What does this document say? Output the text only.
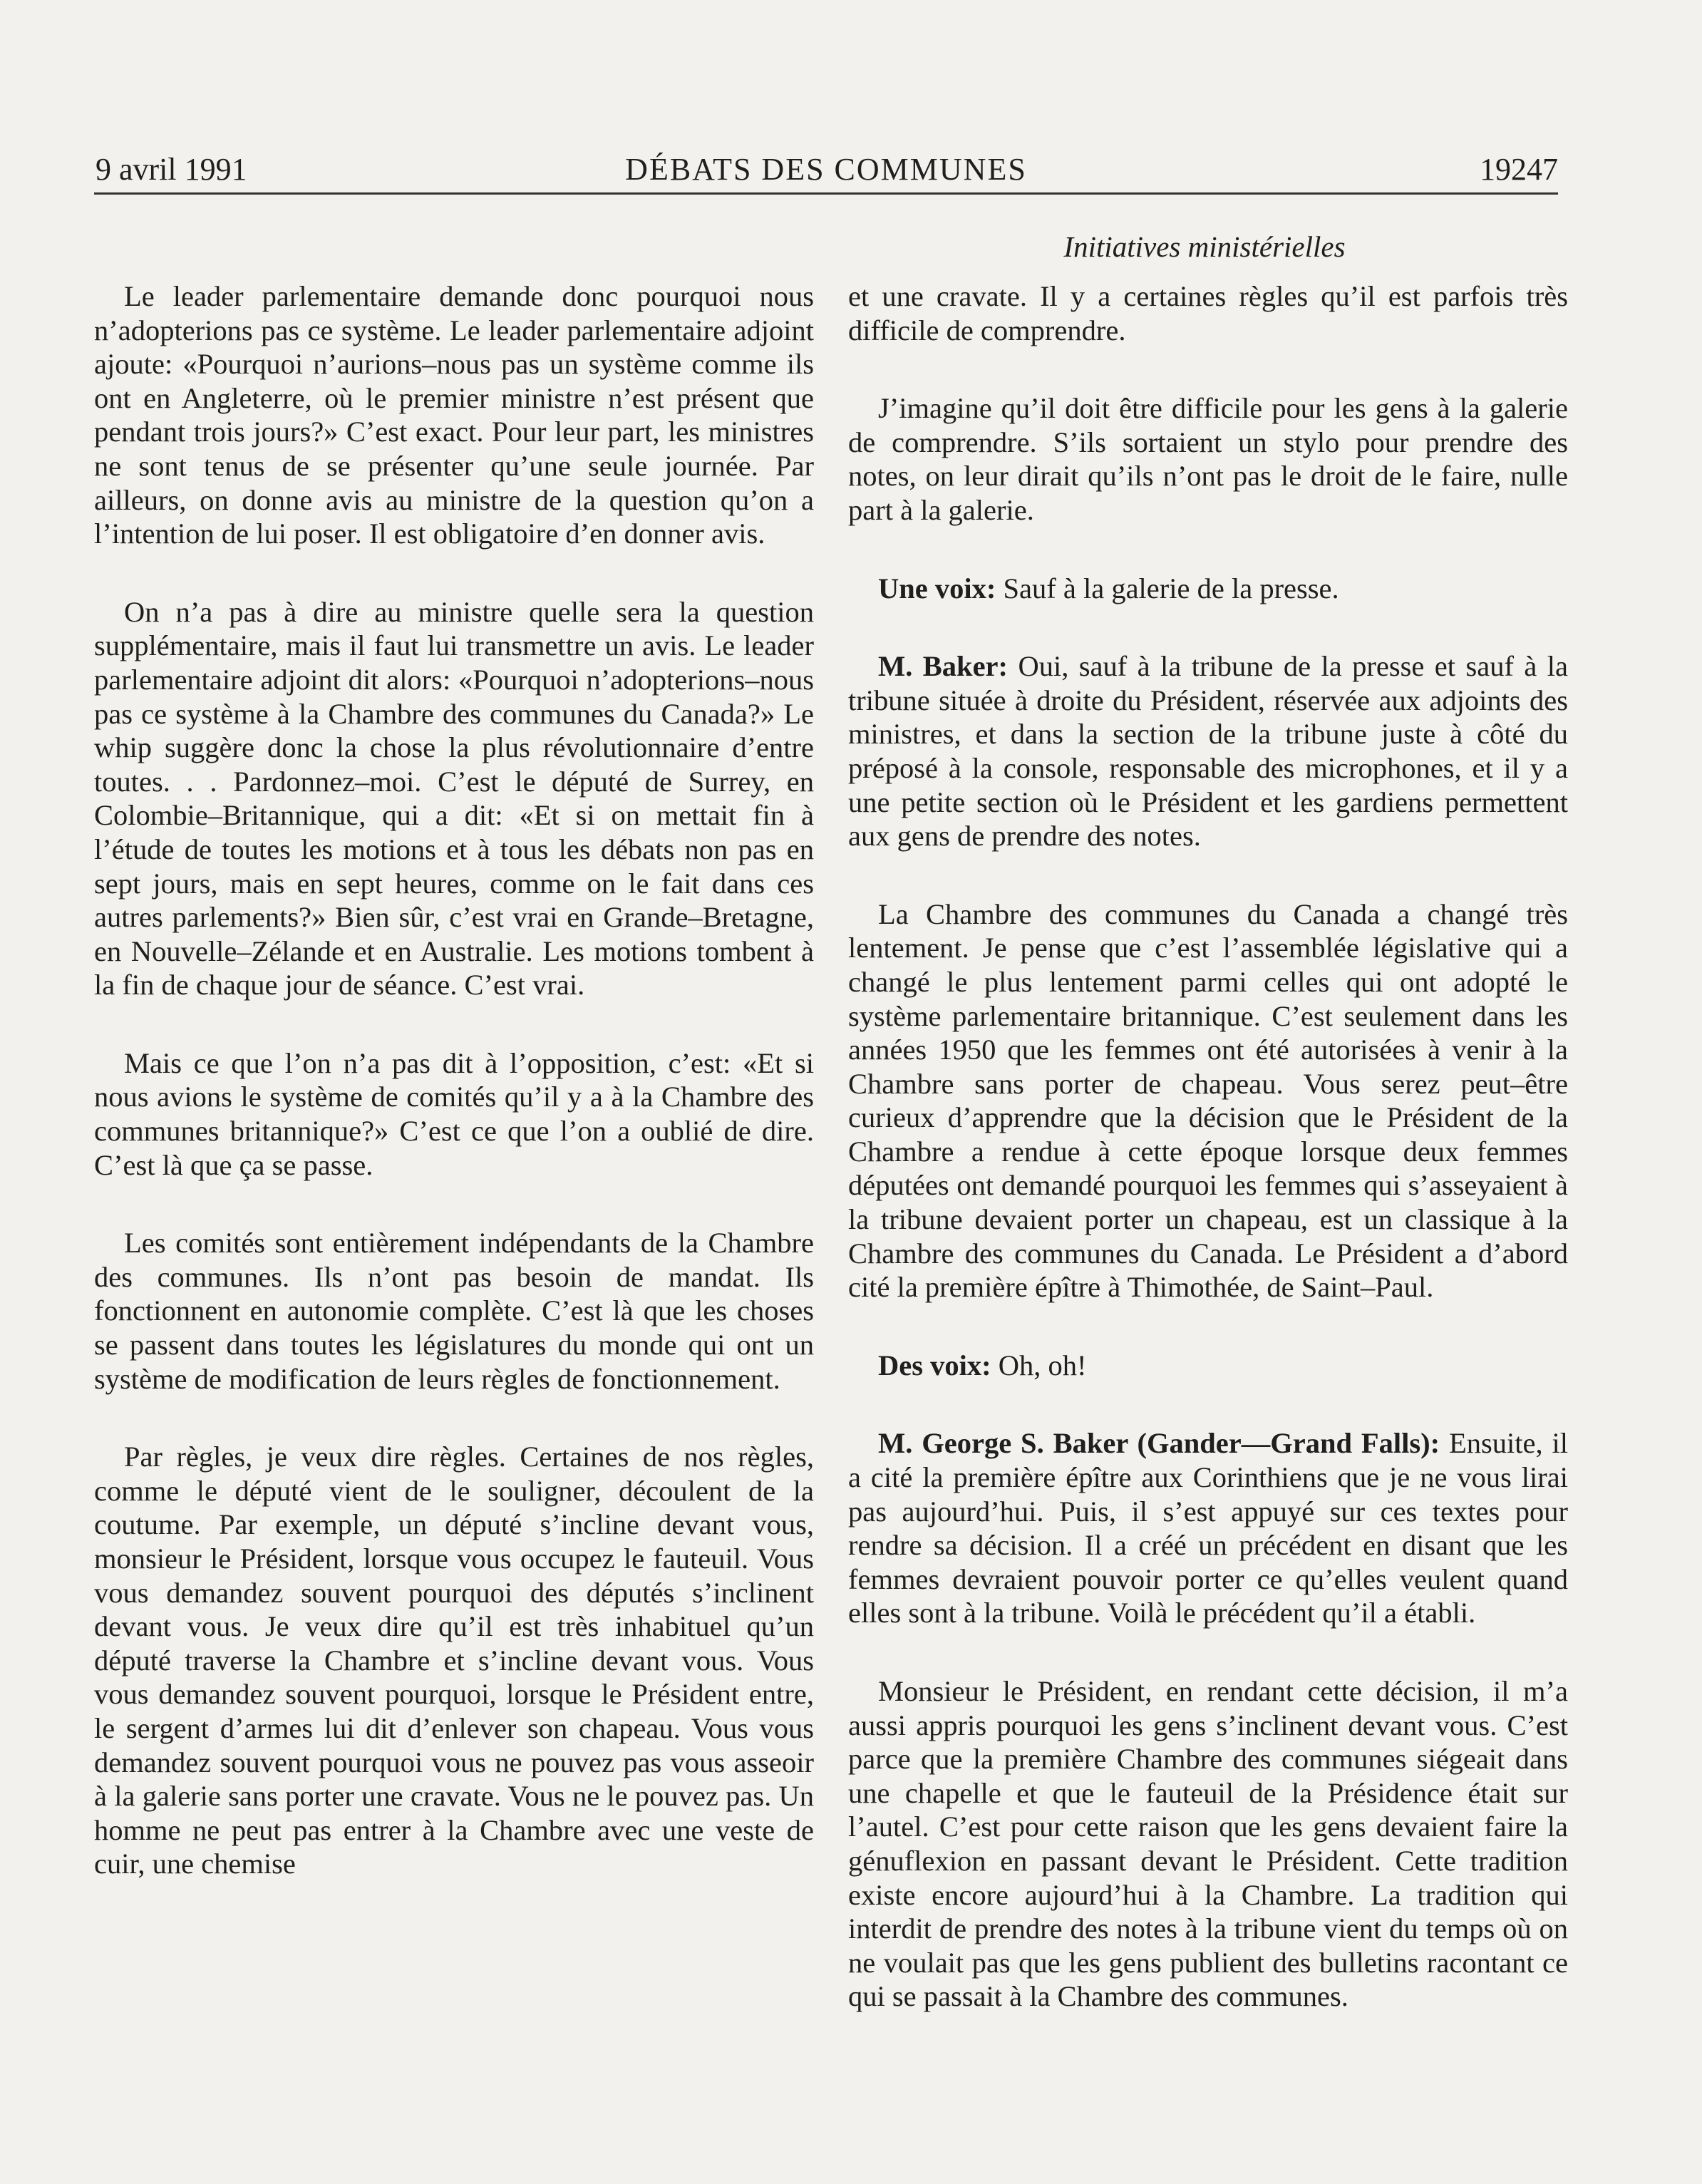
9 avril 1991	DÉBATS DES COMMUNES	19247
Initiatives ministérielles

Le leader parlementaire demande donc pourquoi nous n’adopterions pas ce système. Le leader parlementaire adjoint ajoute: «Pourquoi n’aurions–nous pas un système comme ils ont en Angleterre, où le premier ministre n’est présent que pendant trois jours?» C’est exact. Pour leur part, les ministres ne sont tenus de se présenter qu’une seule journée. Par ailleurs, on donne avis au ministre de la question qu’on a l’intention de lui poser. Il est obligatoire d’en donner avis.

On n’a pas à dire au ministre quelle sera la question supplémentaire, mais il faut lui transmettre un avis. Le leader parlementaire adjoint dit alors: «Pourquoi n’adopterions–nous pas ce système à la Chambre des communes du Canada?» Le whip suggère donc la chose la plus révolutionnaire d’entre toutes. . . Pardonnez–moi. C’est le député de Surrey, en Colombie–Britannique, qui a dit: «Et si on mettait fin à l’étude de toutes les motions et à tous les débats non pas en sept jours, mais en sept heures, comme on le fait dans ces autres parlements?» Bien sûr, c’est vrai en Grande–Bretagne, en Nouvelle–Zélande et en Australie. Les motions tombent à la fin de chaque jour de séance. C’est vrai.

Mais ce que l’on n’a pas dit à l’opposition, c’est: «Et si nous avions le système de comités qu’il y a à la Chambre des communes britannique?» C’est ce que l’on a oublié de dire. C’est là que ça se passe.

Les comités sont entièrement indépendants de la Chambre des communes. Ils n’ont pas besoin de mandat. Ils fonctionnent en autonomie complète. C’est là que les choses se passent dans toutes les législatures du monde qui ont un système de modification de leurs règles de fonctionnement.

Par règles, je veux dire règles. Certaines de nos règles, comme le député vient de le souligner, découlent de la coutume. Par exemple, un député s’incline devant vous, monsieur le Président, lorsque vous occupez le fauteuil. Vous vous demandez souvent pourquoi des députés s’inclinent devant vous. Je veux dire qu’il est très inhabituel qu’un député traverse la Chambre et s’incline devant vous. Vous vous demandez souvent pourquoi, lorsque le Président entre, le sergent d’armes lui dit d’enlever son chapeau. Vous vous demandez souvent pourquoi vous ne pouvez pas vous asseoir à la galerie sans porter une cravate. Vous ne le pouvez pas. Un homme ne peut pas entrer à la Chambre avec une veste de cuir, une chemise

et une cravate. Il y a certaines règles qu’il est parfois très difficile de comprendre.

J’imagine qu’il doit être difficile pour les gens à la galerie de comprendre. S’ils sortaient un stylo pour prendre des notes, on leur dirait qu’ils n’ont pas le droit de le faire, nulle part à la galerie.

Une voix: Sauf à la galerie de la presse.

M. Baker: Oui, sauf à la tribune de la presse et sauf à la tribune située à droite du Président, réservée aux adjoints des ministres, et dans la section de la tribune juste à côté du préposé à la console, responsable des microphones, et il y a une petite section où le Président et les gardiens permettent aux gens de prendre des notes.

La Chambre des communes du Canada a changé très lentement. Je pense que c’est l’assemblée législative qui a changé le plus lentement parmi celles qui ont adopté le système parlementaire britannique. C’est seulement dans les années 1950 que les femmes ont été autorisées à venir à la Chambre sans porter de chapeau. Vous serez peut–être curieux d’apprendre que la décision que le Président de la Chambre a rendue à cette époque lorsque deux femmes députées ont demandé pourquoi les femmes qui s’asseyaient à la tribune devaient porter un chapeau, est un classique à la Chambre des communes du Canada. Le Président a d’abord cité la première épître à Thimothée, de Saint–Paul.

Des voix: Oh, oh!

M. George S. Baker (Gander—Grand Falls): Ensuite, il a cité la première épître aux Corinthiens que je ne vous lirai pas aujourd’hui. Puis, il s’est appuyé sur ces textes pour rendre sa décision. Il a créé un précédent en disant que les femmes devraient pouvoir porter ce qu’elles veulent quand elles sont à la tribune. Voilà le précédent qu’il a établi.

Monsieur le Président, en rendant cette décision, il m’a aussi appris pourquoi les gens s’inclinent devant vous. C’est parce que la première Chambre des communes siégeait dans une chapelle et que le fauteuil de la Présidence était sur l’autel. C’est pour cette raison que les gens devaient faire la génuflexion en passant devant le Président. Cette tradition existe encore aujourd’hui à la Chambre. La tradition qui interdit de prendre des notes à la tribune vient du temps où on ne voulait pas que les gens publient des bulletins racontant ce qui se passait à la Chambre des communes.
